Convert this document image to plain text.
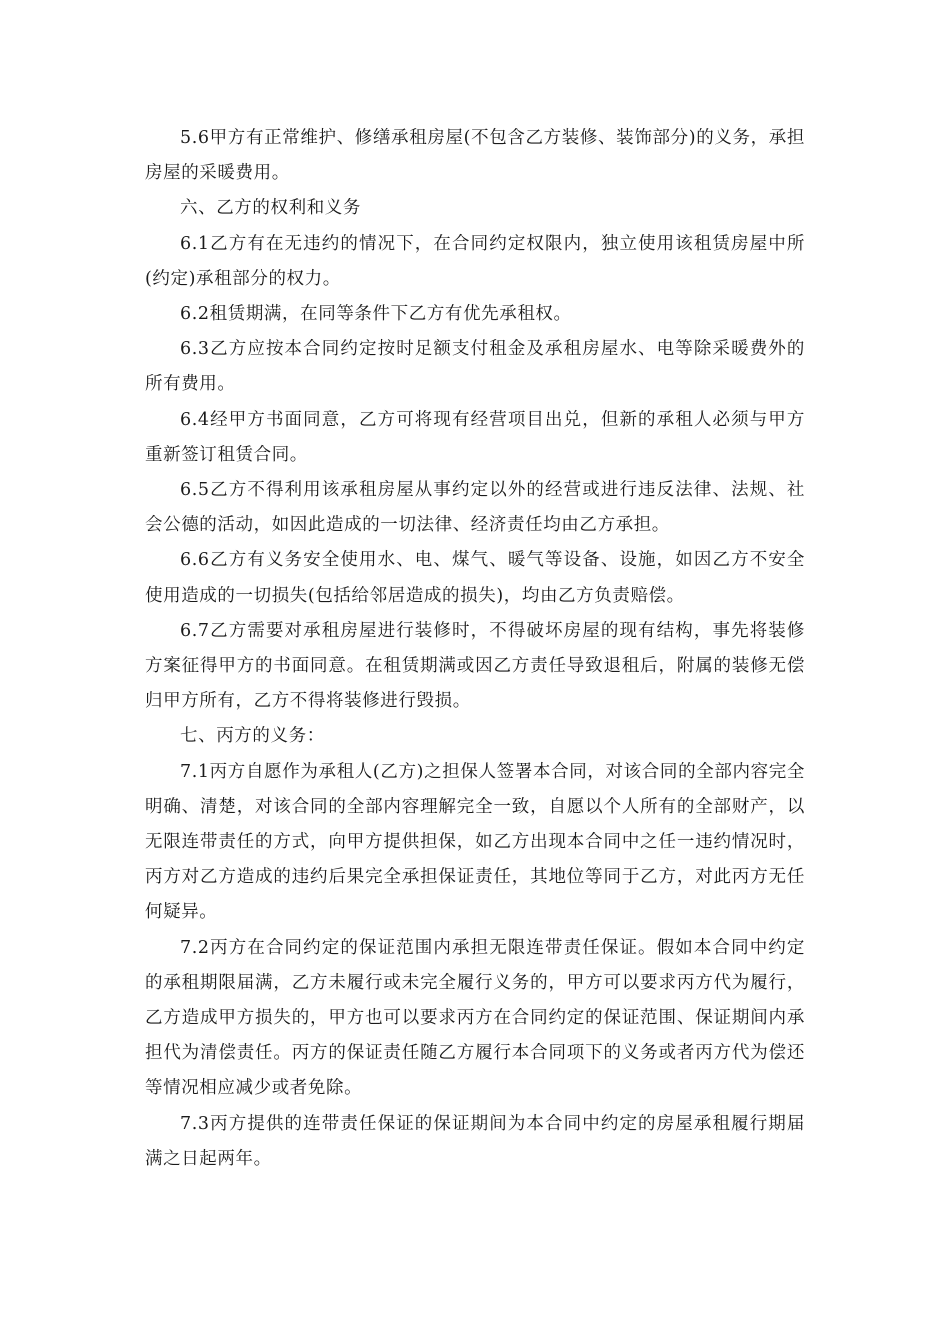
5.6甲方有正常维护、修缮承租房屋(不包含乙方装修、装饰部分)的义务，承担房屋的采暖费用。

六、乙方的权利和义务

6.1乙方有在无违约的情况下，在合同约定权限内，独立使用该租赁房屋中所(约定)承租部分的权力。

6.2租赁期满，在同等条件下乙方有优先承租权。

6.3乙方应按本合同约定按时足额支付租金及承租房屋水、电等除采暖费外的所有费用。

6.4经甲方书面同意，乙方可将现有经营项目出兑，但新的承租人必须与甲方重新签订租赁合同。

6.5乙方不得利用该承租房屋从事约定以外的经营或进行违反法律、法规、社会公德的活动，如因此造成的一切法律、经济责任均由乙方承担。

6.6乙方有义务安全使用水、电、煤气、暖气等设备、设施，如因乙方不安全使用造成的一切损失(包括给邻居造成的损失)，均由乙方负责赔偿。

6.7乙方需要对承租房屋进行装修时，不得破坏房屋的现有结构，事先将装修方案征得甲方的书面同意。在租赁期满或因乙方责任导致退租后，附属的装修无偿归甲方所有，乙方不得将装修进行毁损。

七、丙方的义务：

7.1丙方自愿作为承租人(乙方)之担保人签署本合同，对该合同的全部内容完全明确、清楚，对该合同的全部内容理解完全一致，自愿以个人所有的全部财产，以无限连带责任的方式，向甲方提供担保，如乙方出现本合同中之任一违约情况时，丙方对乙方造成的违约后果完全承担保证责任，其地位等同于乙方，对此丙方无任何疑异。

7.2丙方在合同约定的保证范围内承担无限连带责任保证。假如本合同中约定的承租期限届满，乙方未履行或未完全履行义务的，甲方可以要求丙方代为履行，乙方造成甲方损失的，甲方也可以要求丙方在合同约定的保证范围、保证期间内承担代为清偿责任。丙方的保证责任随乙方履行本合同项下的义务或者丙方代为偿还等情况相应减少或者免除。

7.3丙方提供的连带责任保证的保证期间为本合同中约定的房屋承租履行期届满之日起两年。
